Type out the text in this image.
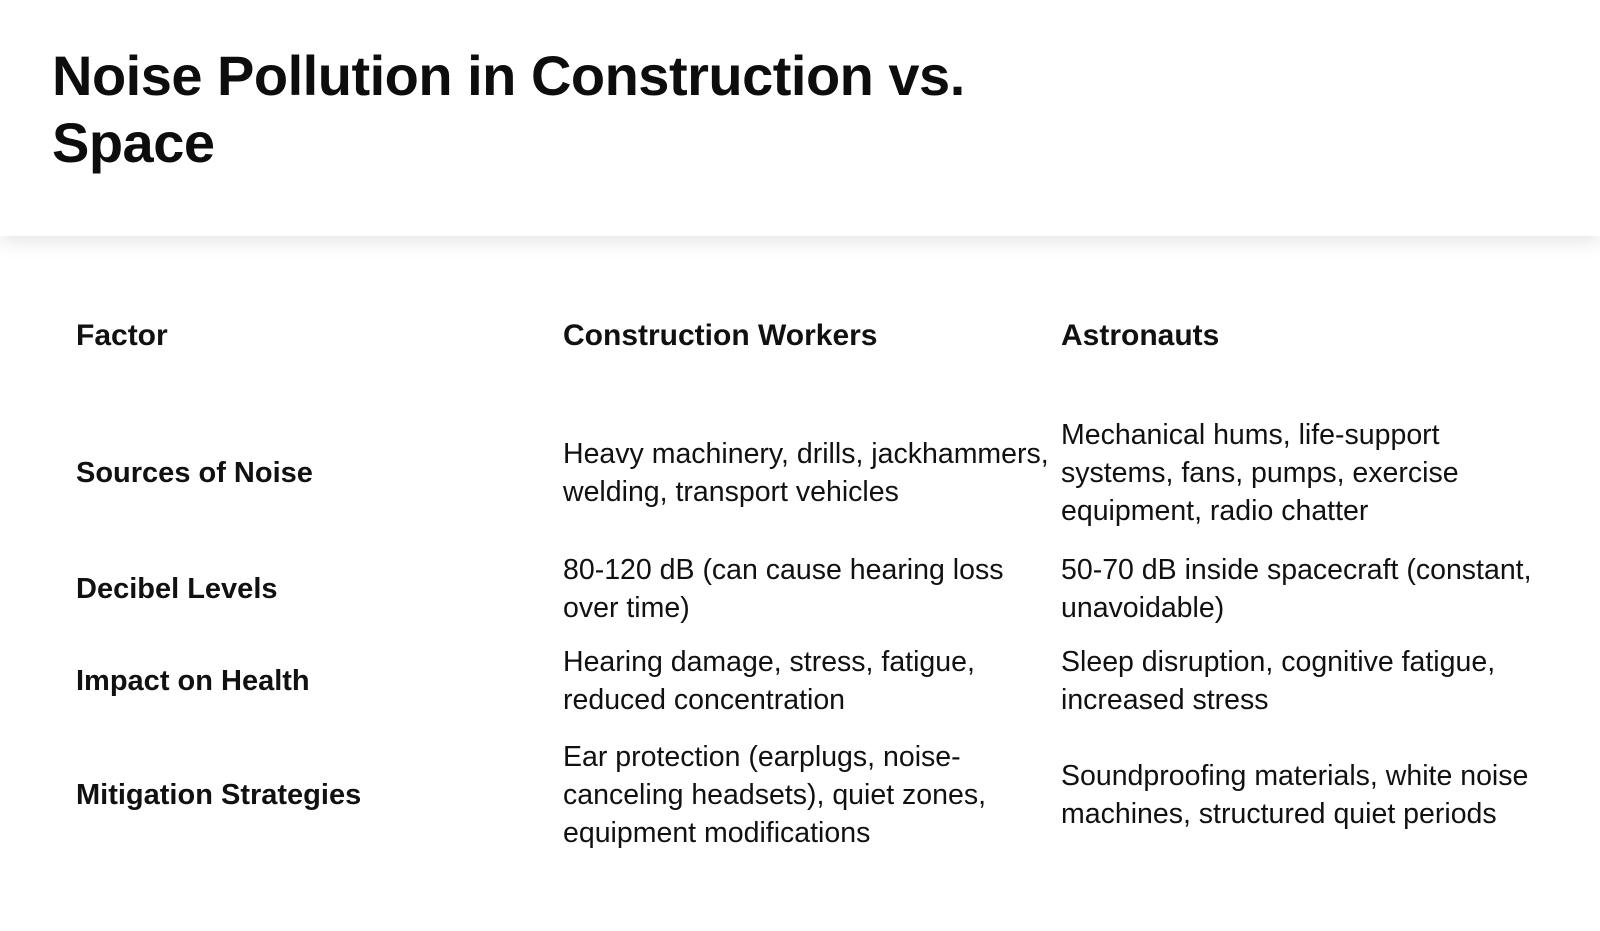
Noise Pollution in Construction vs. Space
Factor	Construction Workers	Astronauts
Sources of Noise
Heavy machinery, drills, jackhammers, welding, transport vehicles
Mechanical hums, life-support systems, fans, pumps, exercise equipment, radio chatter
Decibel Levels
80-120 dB (can cause hearing loss over time)
50-70 dB inside spacecraft (constant, unavoidable)
Impact on Health
Hearing damage, stress, fatigue, reduced concentration
Sleep disruption, cognitive fatigue, increased stress
Mitigation Strategies
Ear protection (earplugs, noise-canceling headsets), quiet zones, equipment modifications
Soundproofing materials, white noise machines, structured quiet periods
